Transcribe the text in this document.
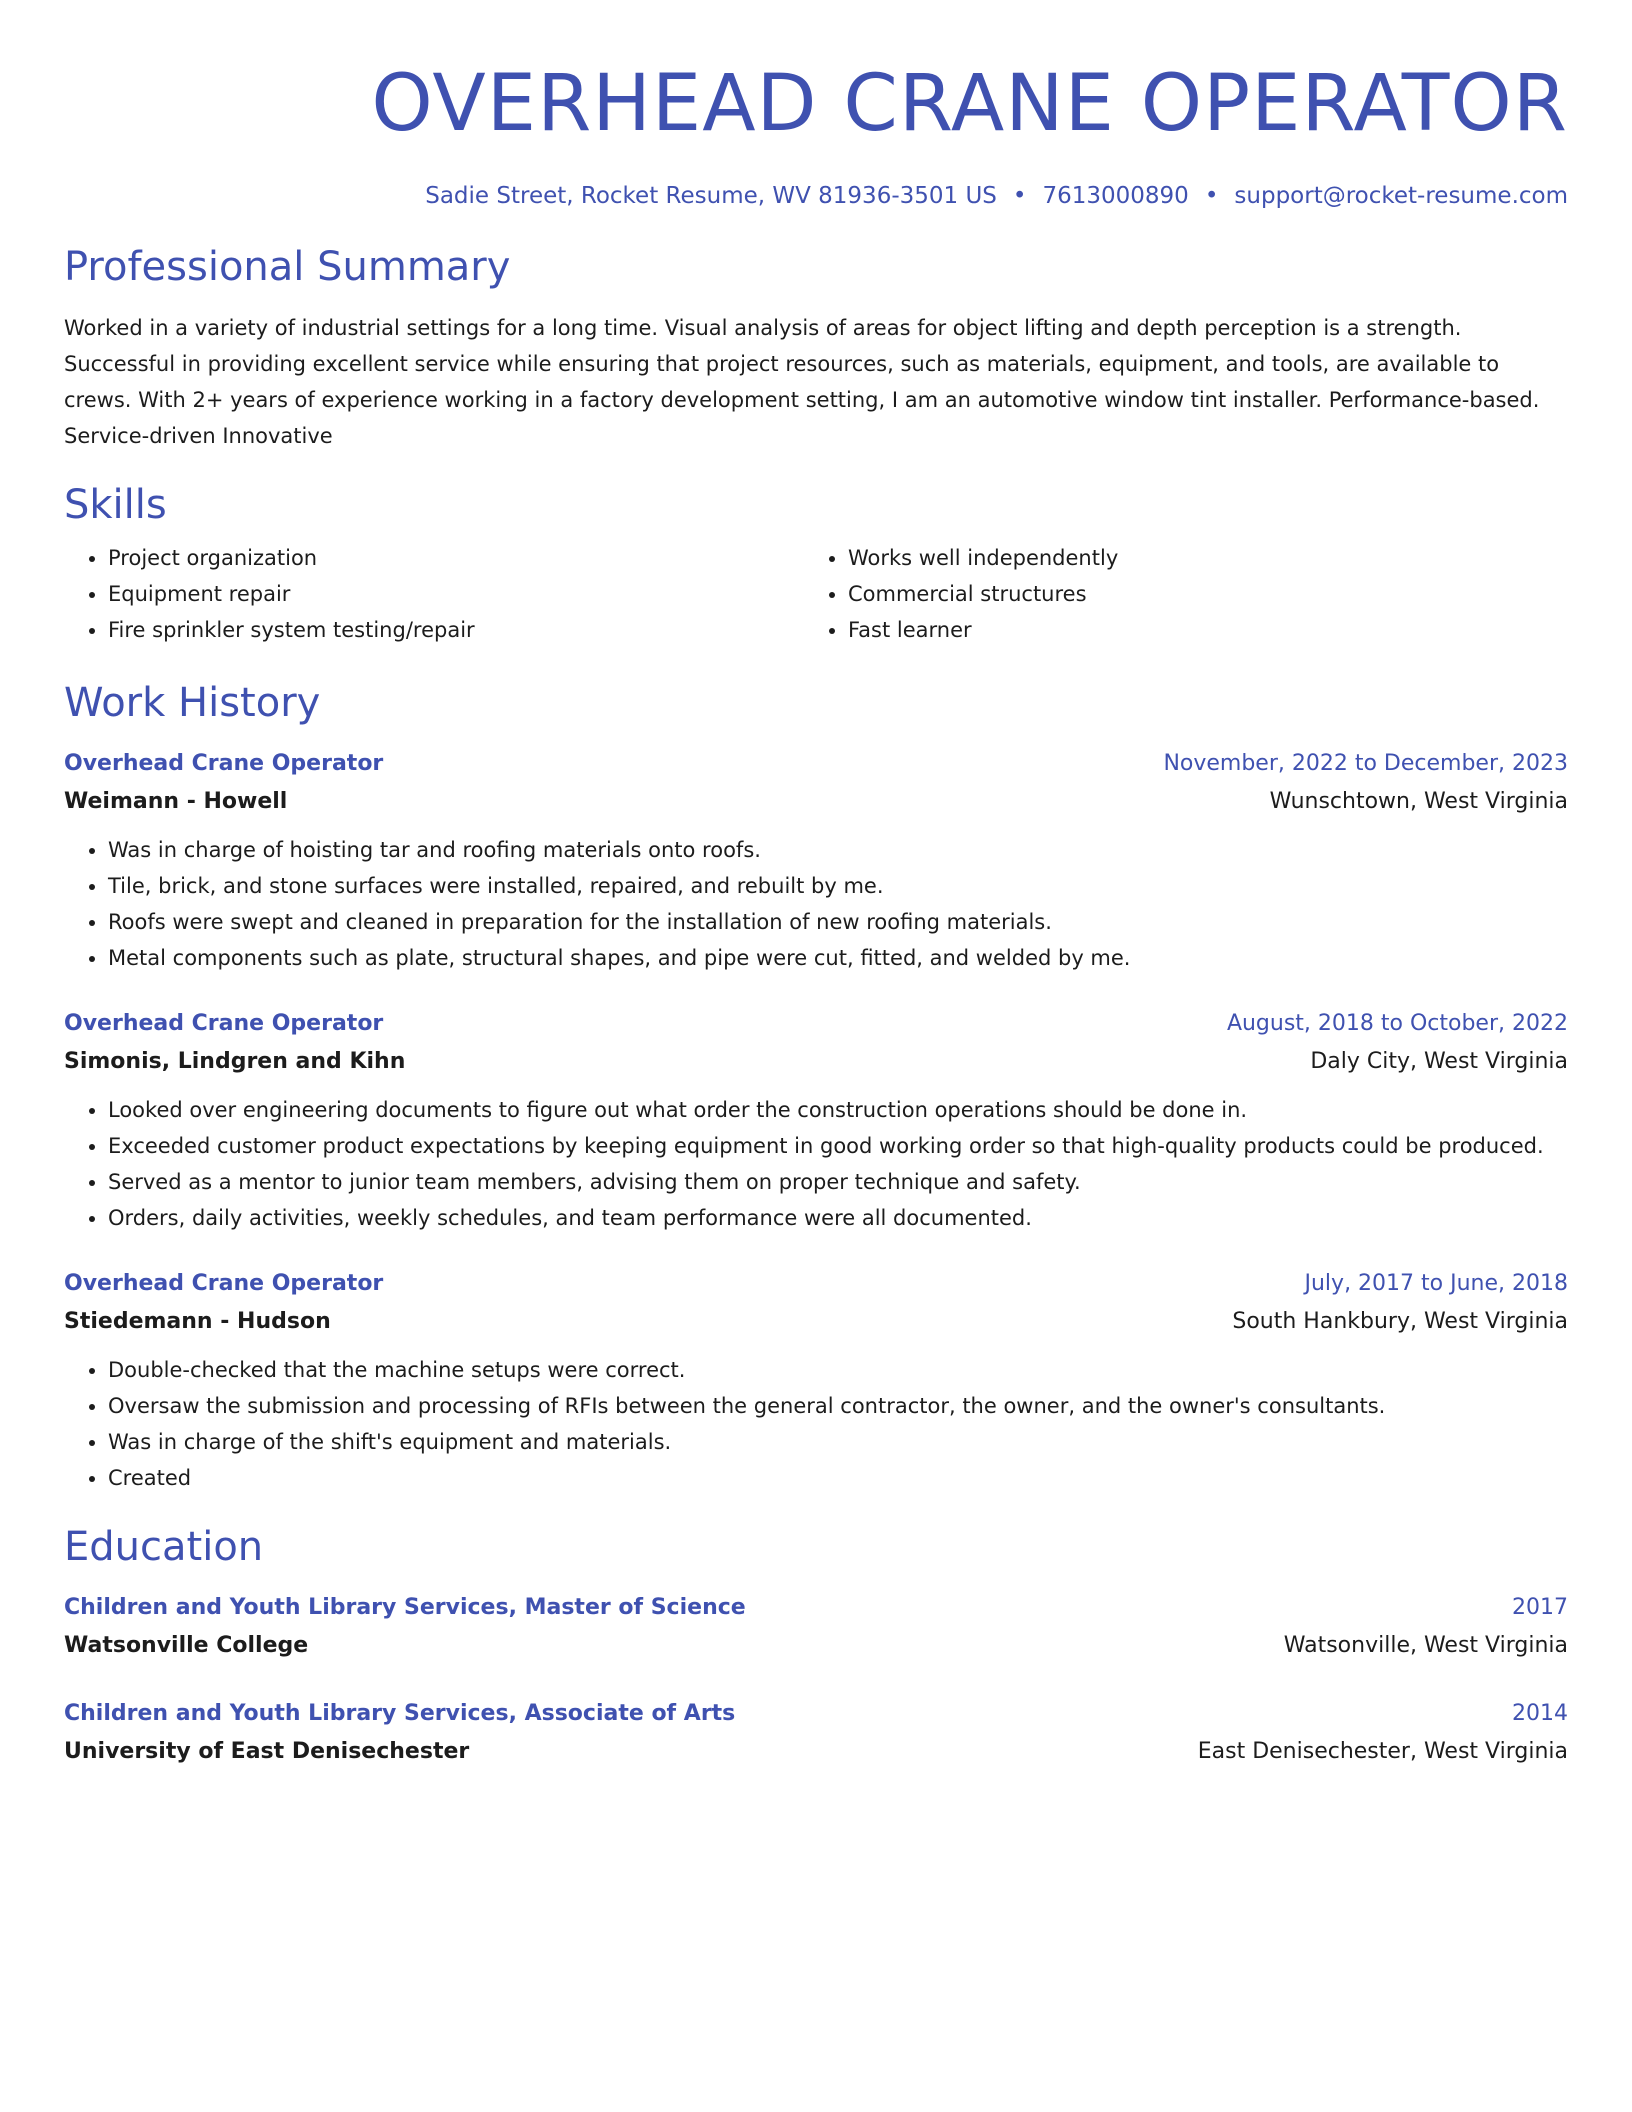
OVERHEAD CRANE OPERATOR
Sadie Street, Rocket Resume, WV 81936-3501 US • 7613000890 • support@rocket-resume.com
Professional Summary

Worked in a variety of industrial settings for a long time. Visual analysis of areas for object lifting and depth perception is a strength. Successful in providing excellent service while ensuring that project resources, such as materials, equipment, and tools, are available to crews. With 2+ years of experience working in a factory development setting, I am an automotive window tint installer. Performance-based. Service-driven Innovative

Skills
• Project organization
• Equipment repair
• Fire sprinkler system testing/repair
• Works well independently
• Commercial structures
• Fast learner
Work History
Overhead Crane Operator	November, 2022 to December, 2023
Weimann - Howell	Wunschtown, West Virginia
• Was in charge of hoisting tar and roofing materials onto roofs.
• Tile, brick, and stone surfaces were installed, repaired, and rebuilt by me.
• Roofs were swept and cleaned in preparation for the installation of new roofing materials.
• Metal components such as plate, structural shapes, and pipe were cut, fitted, and welded by me.
Overhead Crane Operator	August, 2018 to October, 2022
Simonis, Lindgren and Kihn	Daly City, West Virginia
• Looked over engineering documents to figure out what order the construction operations should be done in.
• Exceeded customer product expectations by keeping equipment in good working order so that high-quality products could be produced.
• Served as a mentor to junior team members, advising them on proper technique and safety.
• Orders, daily activities, weekly schedules, and team performance were all documented.
Overhead Crane Operator	July, 2017 to June, 2018
Stiedemann - Hudson	South Hankbury, West Virginia
• Double-checked that the machine setups were correct.
• Oversaw the submission and processing of RFIs between the general contractor, the owner, and the owner's consultants.
• Was in charge of the shift's equipment and materials.
• Created
Education
Children and Youth Library Services, Master of Science	2017
Watsonville College	Watsonville, West Virginia
Children and Youth Library Services, Associate of Arts	2014
University of East Denisechester	East Denisechester, West Virginia
